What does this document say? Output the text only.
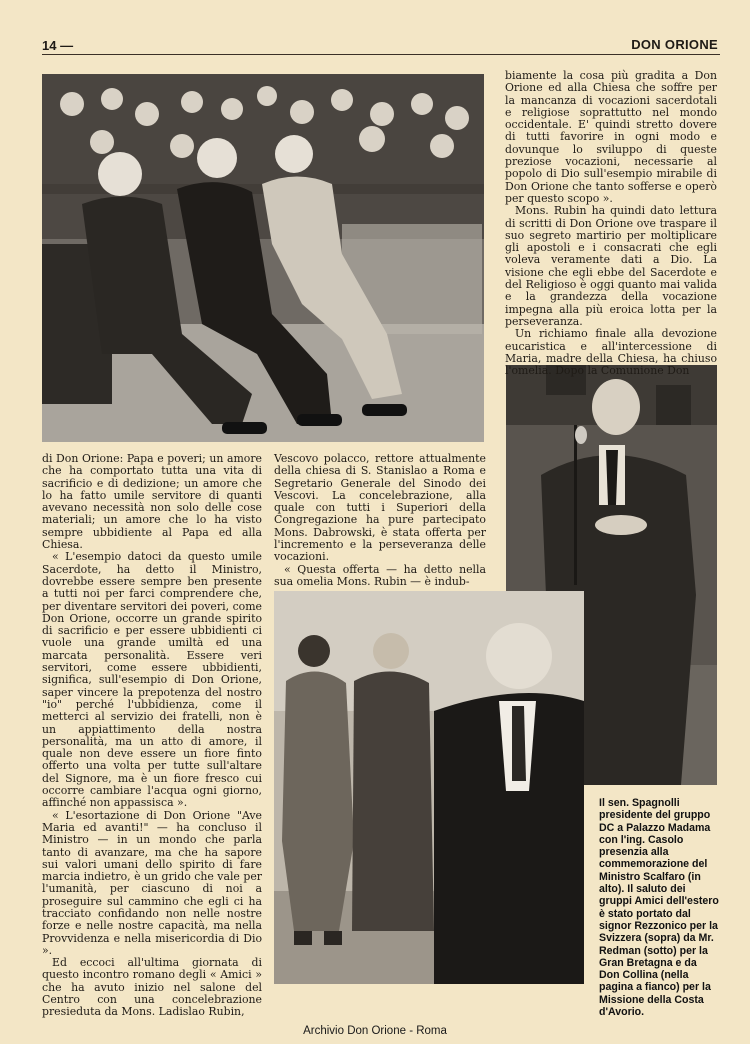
14 —	DON ORIONE

di Don Orione: Papa e poveri; un amore che ha comportato tutta una vita di sacrificio e di dedizione; un amore che lo ha fatto umile servitore di quanti avevano necessità non solo delle cose materiali; un amore che lo ha visto sempre ubbidiente al Papa ed alla Chiesa.

« L'esempio datoci da questo umile Sacerdote, ha detto il Ministro, dovrebbe essere sempre ben presente a tutti noi per farci comprendere che, per diventare servitori dei poveri, come Don Orione, occorre un grande spirito di sacrificio e per essere ubbidienti ci vuole una grande umiltà ed una marcata personalità. Essere veri servitori, come essere ubbidienti, significa, sull'esempio di Don Orione, saper vincere la prepotenza del nostro "io" perché l'ubbidienza, come il metterci al servizio dei fratelli, non è un appiattimento della nostra personalità, ma un atto di amore, il quale non deve essere un fiore finto offerto una volta per tutte sull'altare del Signore, ma è un fiore fresco cui occorre cambiare l'acqua ogni giorno, affinché non appassisca ».

« L'esortazione di Don Orione "Ave Maria ed avanti!" — ha concluso il Ministro — in un mondo che parla tanto di avanzare, ma che ha sapore sui valori umani dello spirito di fare marcia indietro, è un grido che vale per l'umanità, per ciascuno di noi a proseguire sul cammino che egli ci ha tracciato confidando non nelle nostre forze e nelle nostre capacità, ma nella Provvidenza e nella misericordia di Dio ».

Ed eccoci all'ultima giornata di questo incontro romano degli « Amici » che ha avuto inizio nel salone del Centro con una concelebrazione presieduta da Mons. Ladislao Rubin,

Vescovo polacco, rettore attualmente della chiesa di S. Stanislao a Roma e Segretario Generale del Sinodo dei Vescovi. La concelebrazione, alla quale con tutti i Superiori della Congregazione ha pure partecipato Mons. Dabrowski, è stata offerta per l'incremento e la perseveranza delle vocazioni.

« Questa offerta — ha detto nella sua omelia Mons. Rubin — è indub-

biamente la cosa più gradita a Don Orione ed alla Chiesa che soffre per la mancanza di vocazioni sacerdotali e religiose soprattutto nel mondo occidentale. E' quindi stretto dovere di tutti favorire in ogni modo e dovunque lo sviluppo di queste preziose vocazioni, necessarie al popolo di Dio sull'esempio mirabile di Don Orione che tanto sofferse e operò per questo scopo ».

Mons. Rubin ha quindi dato lettura di scritti di Don Orione ove traspare il suo segreto martirio per moltiplicare gli apostoli e i consacrati che egli voleva veramente dati a Dio. La visione che egli ebbe del Sacerdote e del Religioso è oggi quanto mai valida e la grandezza della vocazione impegna alla più eroica lotta per la perseveranza.

Un richiamo finale alla devozione eucaristica e all'intercessione di Maria, madre della Chiesa, ha chiuso l'omelia. Dopo la Comunione Don

Il sen. Spagnolli presidente del gruppo DC a Palazzo Madama con l'ing. Casolo presenzia alla commemorazione del Ministro Scalfaro (in alto). Il saluto dei gruppi Amici dell'estero è stato portato dal signor Rezzonico per la Svizzera (sopra) da Mr. Redman (sotto) per la Gran Bretagna e da Don Collina (nella pagina a fianco) per la Missione della Costa d'Avorio.
Archivio Don Orione - Roma
